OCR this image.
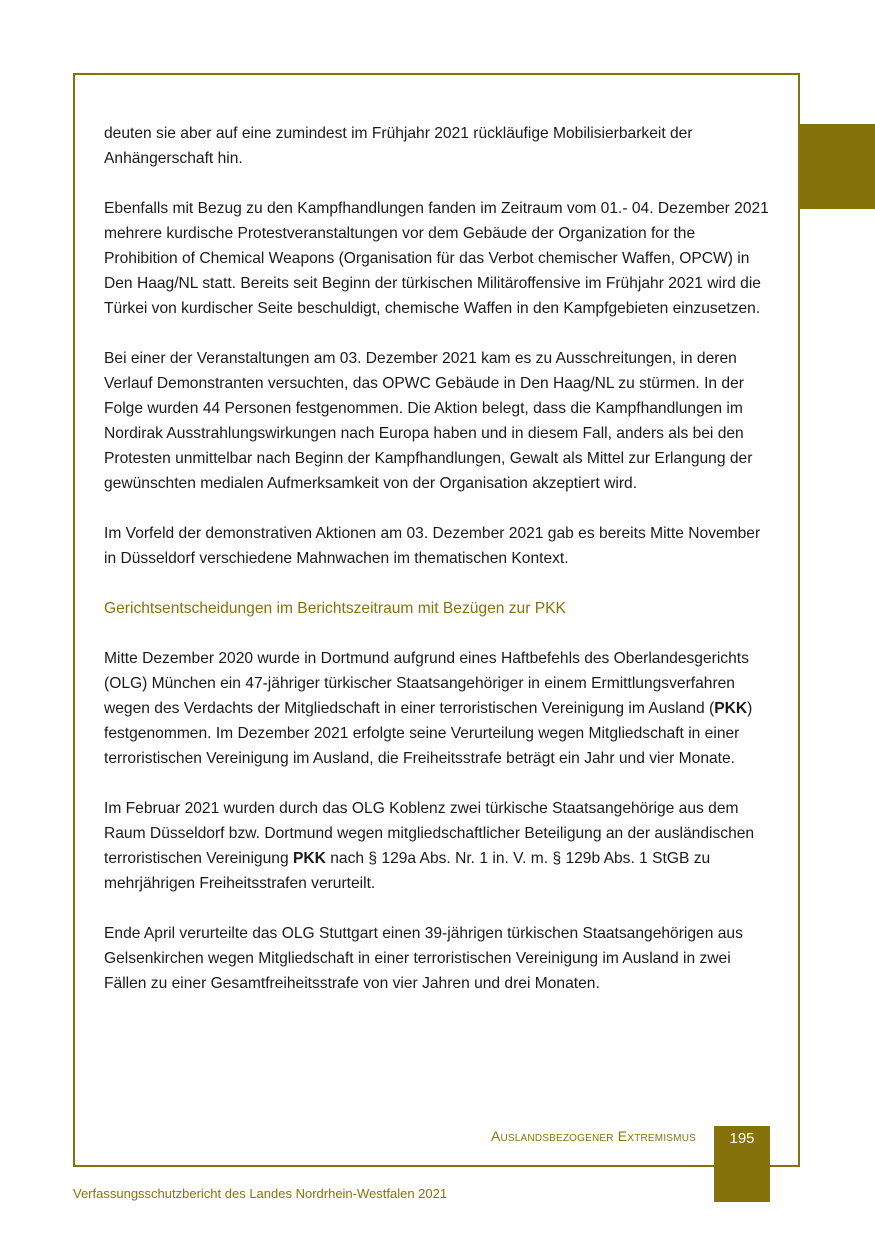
deuten sie aber auf eine zumindest im Frühjahr 2021 rückläufige Mobilisierbarkeit der Anhängerschaft hin.

Ebenfalls mit Bezug zu den Kampfhandlungen fanden im Zeitraum vom 01.- 04. Dezember 2021 mehrere kurdische Protestveranstaltungen vor dem Gebäude der Organization for the Prohibition of Chemical Weapons (Organisation für das Verbot chemischer Waffen, OPCW) in Den Haag/NL statt. Bereits seit Beginn der türkischen Militäroffensive im Frühjahr 2021 wird die Türkei von kurdischer Seite beschuldigt, chemische Waffen in den Kampfgebieten einzusetzen.

Bei einer der Veranstaltungen am 03. Dezember 2021 kam es zu Ausschreitungen, in deren Verlauf Demonstranten versuchten, das OPWC Gebäude in Den Haag/NL zu stürmen. In der Folge wurden 44 Personen festgenommen. Die Aktion belegt, dass die Kampfhandlungen im Nordirak Ausstrahlungswirkungen nach Europa haben und in diesem Fall, anders als bei den Protesten unmittelbar nach Beginn der Kampfhandlungen, Gewalt als Mittel zur Erlangung der gewünschten medialen Aufmerksamkeit von der Organisation akzeptiert wird.

Im Vorfeld der demonstrativen Aktionen am 03. Dezember 2021 gab es bereits Mitte November in Düsseldorf verschiedene Mahnwachen im thematischen Kontext.

Gerichtsentscheidungen im Berichtszeitraum mit Bezügen zur PKK

Mitte Dezember 2020 wurde in Dortmund aufgrund eines Haftbefehls des Oberlandesgerichts (OLG) München ein 47-jähriger türkischer Staatsangehöriger in einem Ermittlungsverfahren wegen des Verdachts der Mitgliedschaft in einer terroristischen Vereinigung im Ausland (PKK) festgenommen. Im Dezember 2021 erfolgte seine Verurteilung wegen Mitgliedschaft in einer terroristischen Vereinigung im Ausland, die Freiheitsstrafe beträgt ein Jahr und vier Monate.

Im Februar 2021 wurden durch das OLG Koblenz zwei türkische Staatsangehörige aus dem Raum Düsseldorf bzw. Dortmund wegen mitgliedschaftlicher Beteiligung an der ausländischen terroristischen Vereinigung PKK nach § 129a Abs. Nr. 1 in. V. m. § 129b Abs. 1 StGB zu mehrjährigen Freiheitsstrafen verurteilt.

Ende April verurteilte das OLG Stuttgart einen 39-jährigen türkischen Staatsangehörigen aus Gelsenkirchen wegen Mitgliedschaft in einer terroristischen Vereinigung im Ausland in zwei Fällen zu einer Gesamtfreiheitsstrafe von vier Jahren und drei Monaten.

Auslandsbezogener Extremismus	195
Verfassungsschutzbericht des Landes Nordrhein-Westfalen 2021
